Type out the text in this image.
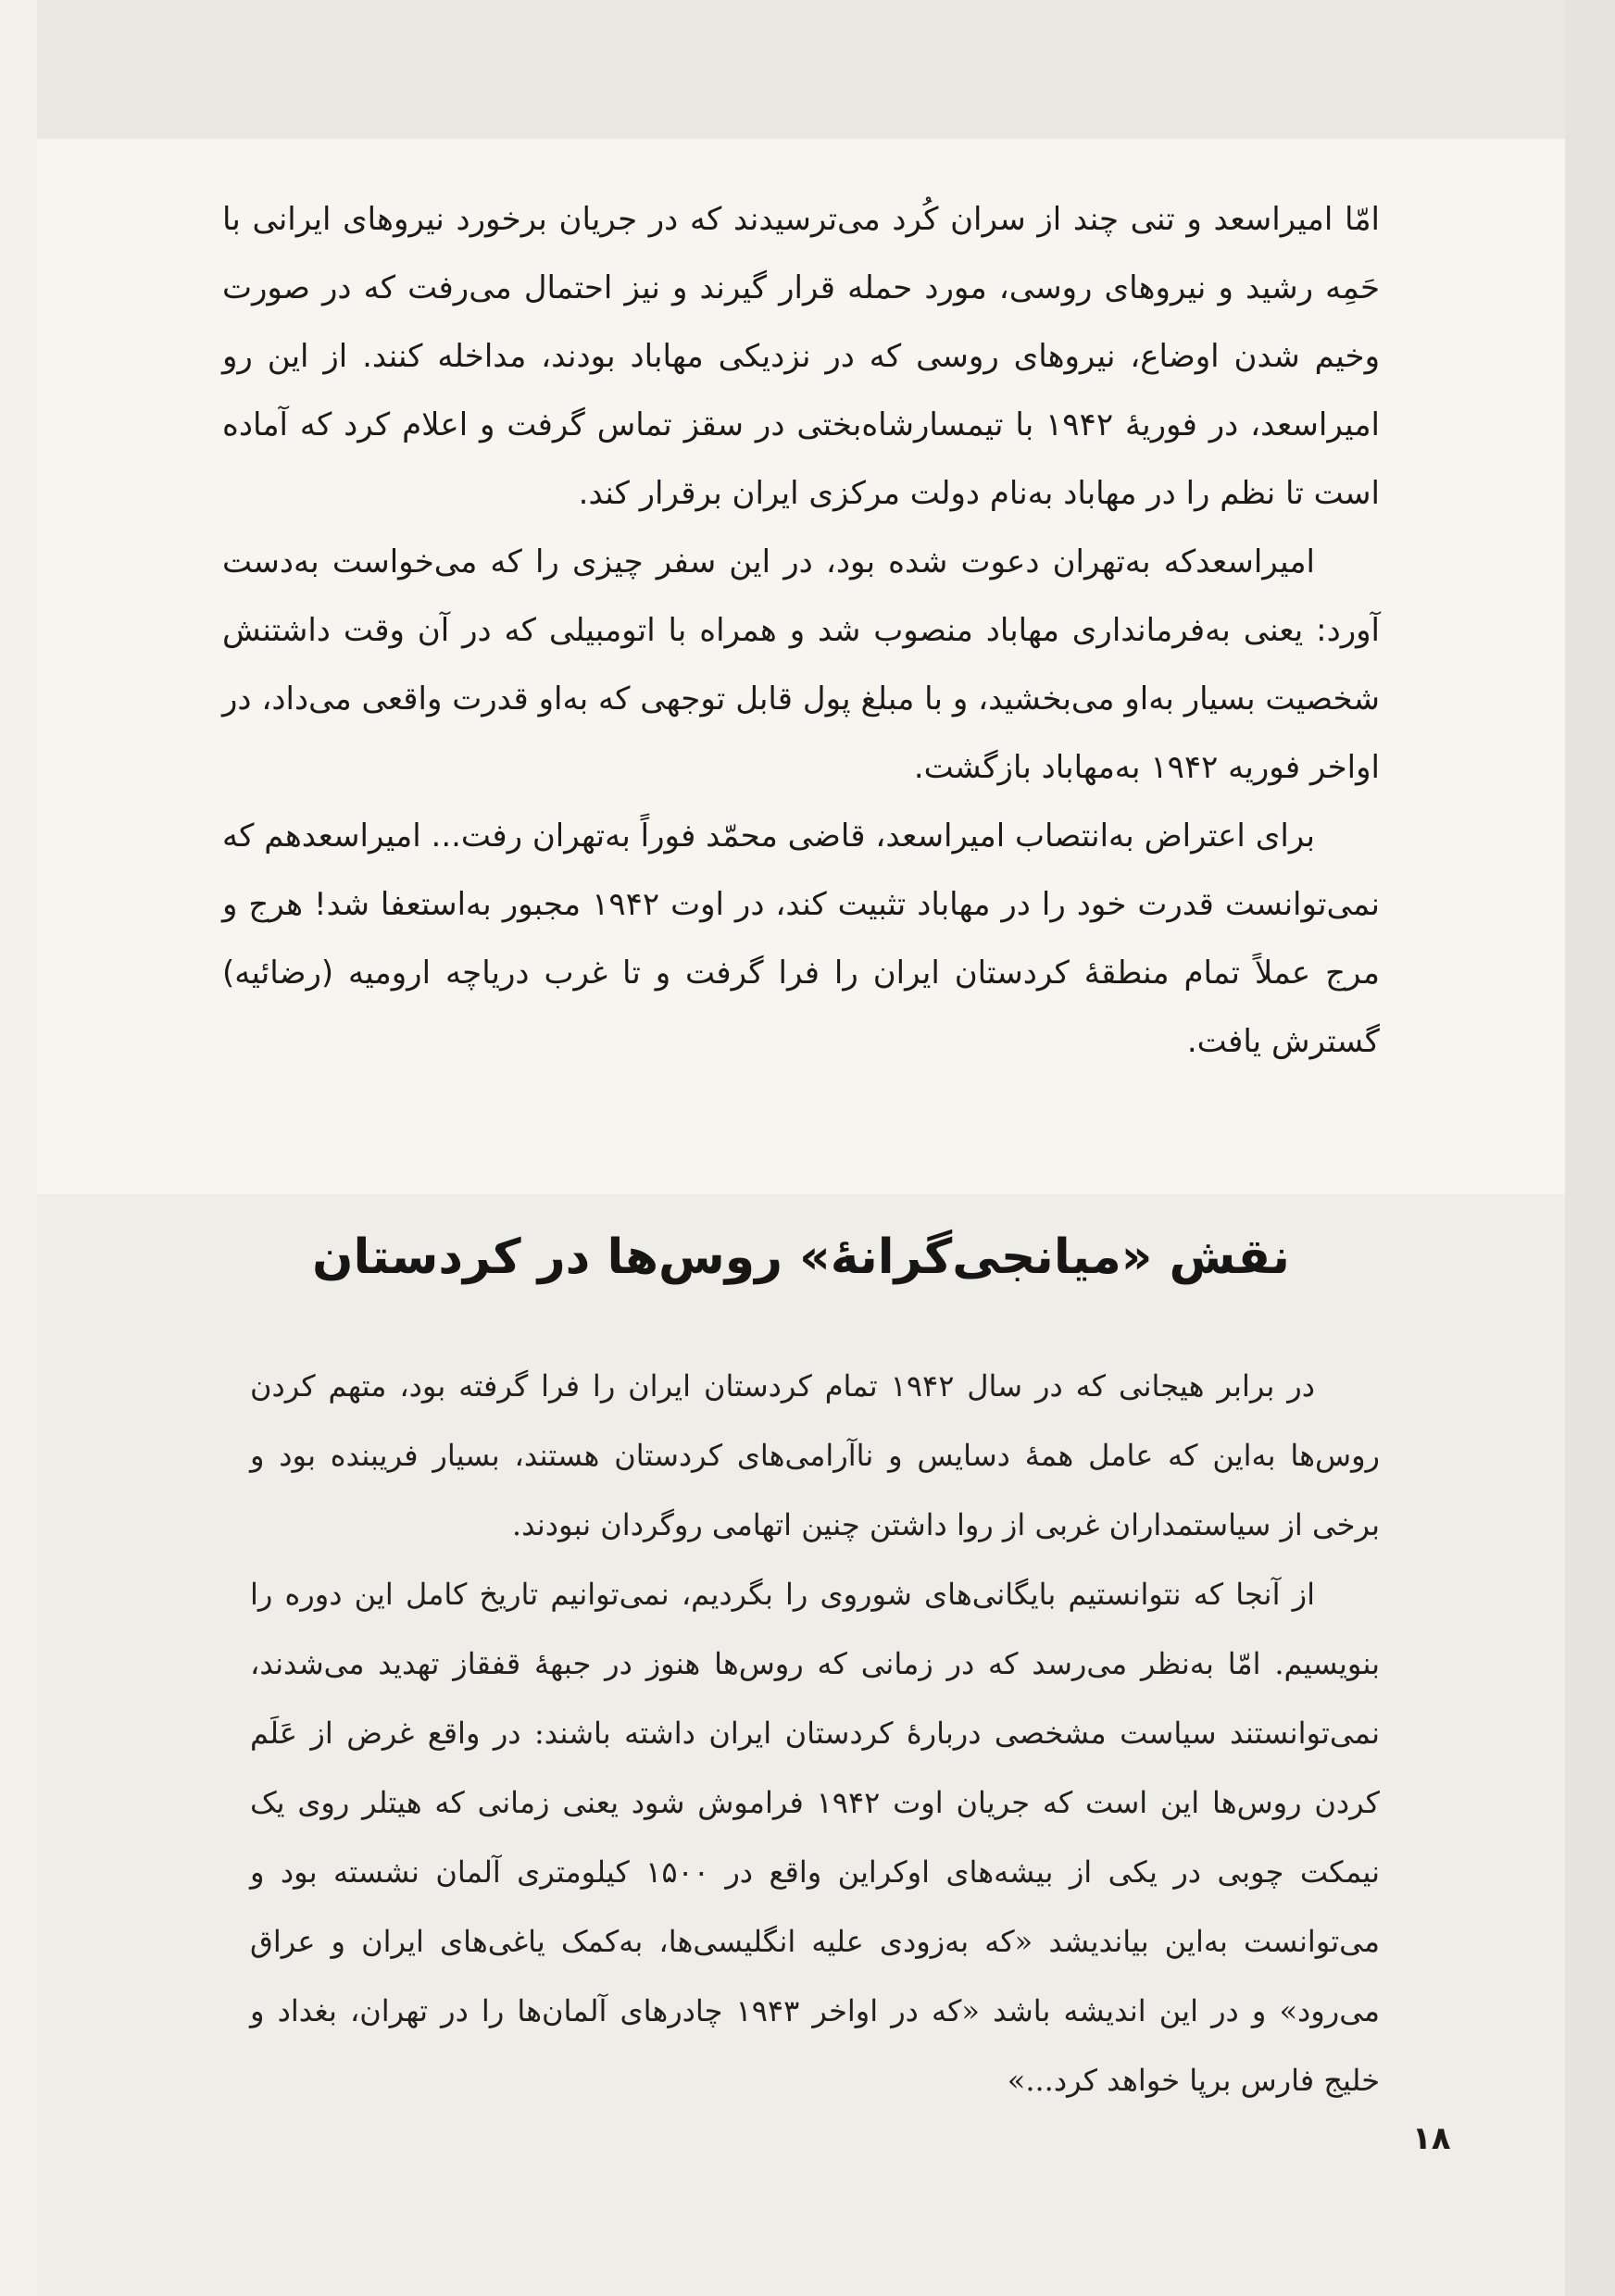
امّا امیراسعد و تنی چند از سران کُرد می‌ترسیدند که در جریان برخورد نیروهای ایرانی با حَمِه رشید و نیروهای روسی، مورد حمله قرار گیرند و نیز احتمال می‌رفت که در صورت وخیم شدن اوضاع، نیروهای روسی که در نزدیکی مهاباد بودند، مداخله کنند. از این رو امیراسعد، در فوریهٔ ۱۹۴۲ با تیمسارشاه‌بختی در سقز تماس گرفت و اعلام کرد که آماده است تا نظم را در مهاباد به‌نام دولت مرکزی ایران برقرار کند.

امیراسعدکه به‌تهران دعوت شده بود، در این سفر چیزی را که می‌خواست به‌دست آورد: یعنی به‌فرمانداری مهاباد منصوب شد و همراه با اتومبیلی که در آن وقت داشتنش شخصیت بسیار به‌او می‌بخشید، و با مبلغ پول قابل توجهی که به‌او قدرت واقعی می‌داد، در اواخر فوریه ۱۹۴۲ به‌مهاباد بازگشت.

برای اعتراض به‌انتصاب امیراسعد، قاضی محمّد فوراً به‌تهران رفت... امیراسعدهم که نمی‌توانست قدرت خود را در مهاباد تثبیت کند، در اوت ۱۹۴۲ مجبور به‌استعفا شد! هرج و مرج عملاً تمام منطقهٔ کردستان ایران را فرا گرفت و تا غرب دریاچه ارومیه (رضائیه) گسترش یافت.

نقش «میانجی‌گرانهٔ» روس‌ها در کردستان

در برابر هیجانی که در سال ۱۹۴۲ تمام کردستان ایران را فرا گرفته بود، متهم کردن روس‌ها به‌این که عامل همهٔ دسایس و ناآرامی‌های کردستان هستند، بسیار فریبنده بود و برخی از سیاستمداران غربی از روا داشتن چنین اتهامی روگردان نبودند.

از آنجا که نتوانستیم بایگانی‌های شوروی را بگردیم، نمی‌توانیم تاریخ کامل این دوره را بنویسیم. امّا به‌نظر می‌رسد که در زمانی که روس‌ها هنوز در جبههٔ قفقاز تهدید می‌شدند، نمی‌توانستند سیاست مشخصی دربارهٔ کردستان ایران داشته باشند: در واقع غرض از عَلَم کردن روس‌ها این است که جریان اوت ۱۹۴۲ فراموش شود یعنی زمانی که هیتلر روی یک نیمکت چوبی در یکی از بیشه‌های اوکراین واقع در ۱۵۰۰ کیلومتری آلمان نشسته بود و می‌توانست به‌این بیاندیشد «که به‌زودی علیه انگلیسی‌ها، به‌کمک یاغی‌های ایران و عراق می‌رود» و در این اندیشه باشد «که در اواخر ۱۹۴۳ چادرهای آلمان‌ها را در تهران، بغداد و خلیج فارس برپا خواهد کرد...»

۱۸
